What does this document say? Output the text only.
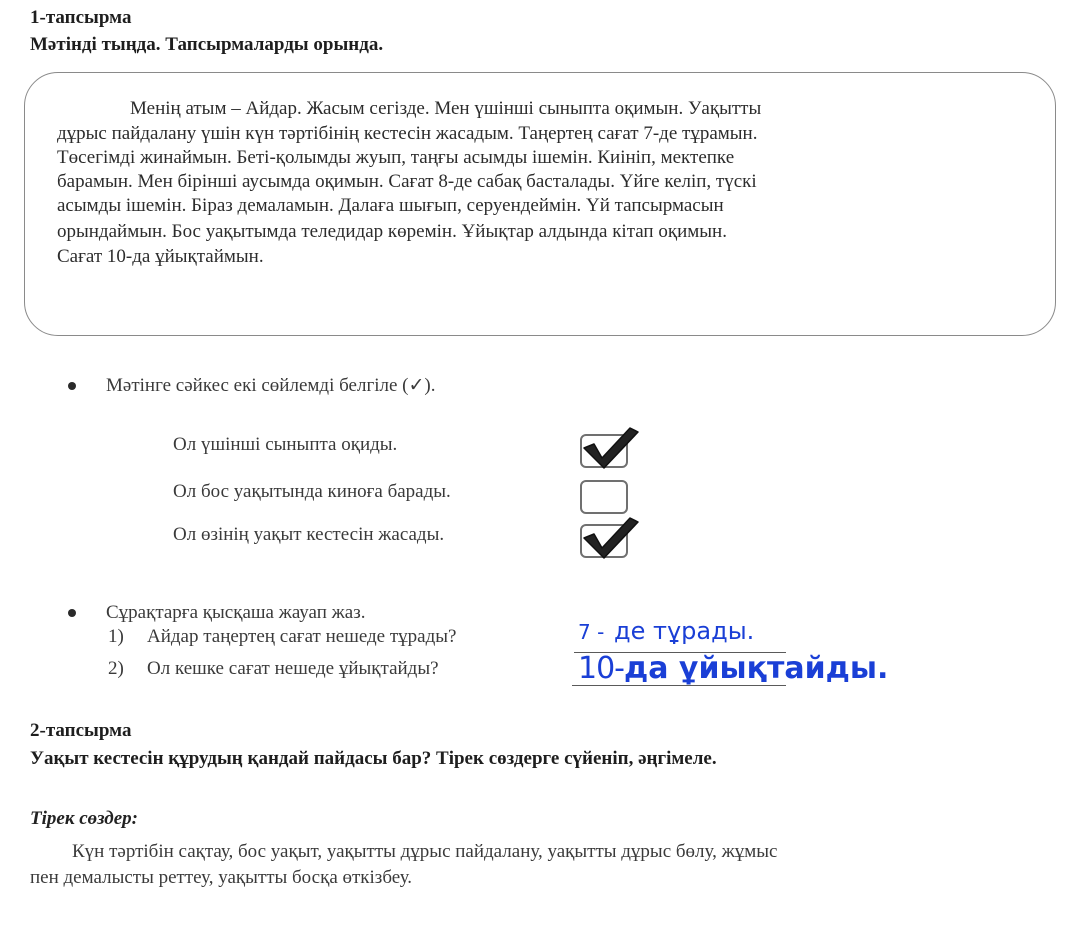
1-тапсырма
Мәтінді тыңда. Тапсырмаларды орында.
Менің атым – Айдар. Жасым сегізде. Мен үшінші сыныпта оқимын. Уақытты
дұрыс пайдалану үшін күн тәртібінің кестесін жасадым. Таңертең сағат 7-де тұрамын.
Төсегімді жинаймын. Беті-қолымды жуып, таңғы асымды ішемін. Киініп, мектепке
барамын. Мен бірінші аусымда оқимын. Сағат 8-де сабақ басталады. Үйге келіп, түскі
асымды ішемін. Біраз демаламын. Далаға шығып, серуендеймін. Үй тапсырмасын
орындаймын. Бос уақытымда теледидар көремін. Ұйықтар алдында кітап оқимын.
Сағат 10-да ұйықтаймын.
Мәтінге сәйкес екі сөйлемді белгіле (✓).
Ол үшінші сыныпта оқиды.
Ол бос уақытында киноға барады.
Ол өзінің уақыт кестесін жасады.
Сұрақтарға қысқаша жауап жаз.
1) Айдар таңертең сағат нешеде тұрады?	7 - де тұрады.
2) Ол кешке сағат нешеде ұйықтайды?	10- да ұйықтайды.
2-тапсырма
Уақыт кестесін құрудың қандай пайдасы бар? Тірек сөздерге сүйеніп, әңгімеле.
Тірек сөздер:
Күн тәртібін сақтау, бос уақыт, уақытты дұрыс пайдалану, уақытты дұрыс бөлу, жұмыс
пен демалысты реттеу, уақытты босқа өткізбеу.
